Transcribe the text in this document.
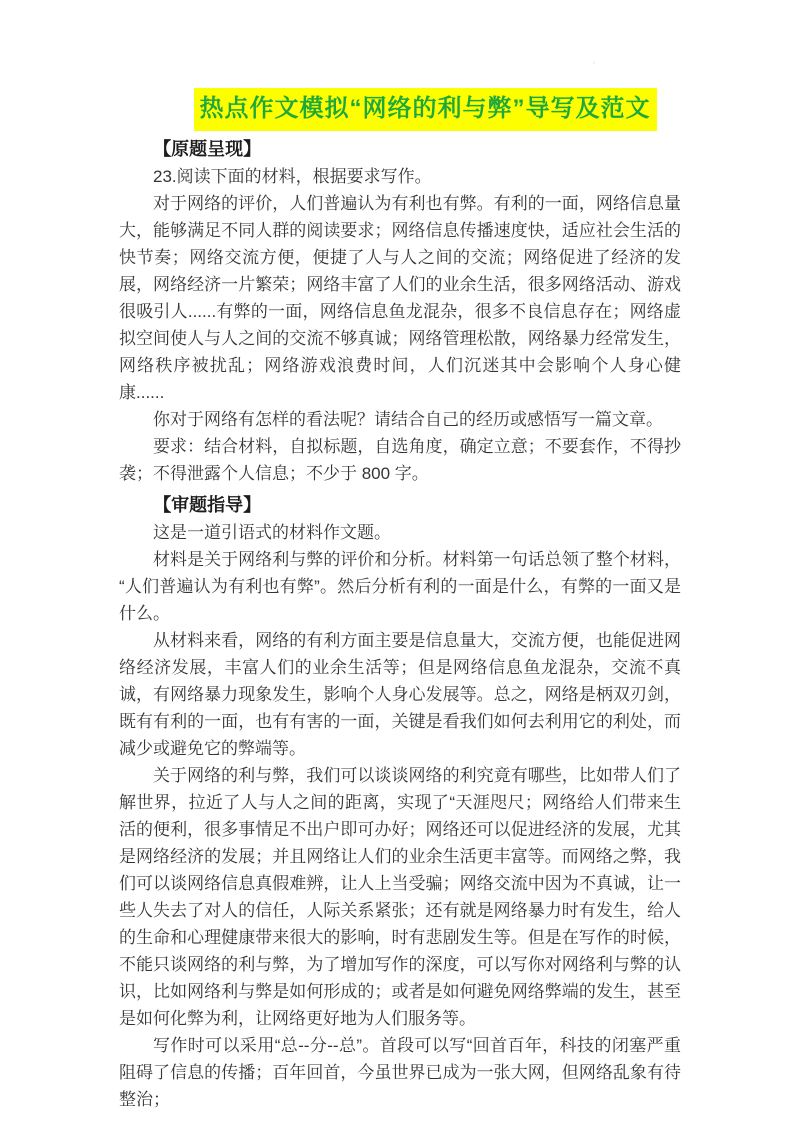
·
热点作文模拟“网络的利与弊”导写及范文
【原题呈现】

23.阅读下面的材料，根据要求写作。

对于网络的评价，人们普遍认为有利也有弊。有利的一面，网络信息量大，能够满足不同人群的阅读要求；网络信息传播速度快，适应社会生活的快节奏；网络交流方便，便捷了人与人之间的交流；网络促进了经济的发展，网络经济一片繁荣；网络丰富了人们的业余生活，很多网络活动、游戏很吸引人......有弊的一面，网络信息鱼龙混杂，很多不良信息存在；网络虚拟空间使人与人之间的交流不够真诚；网络管理松散，网络暴力经常发生，网络秩序被扰乱；网络游戏浪费时间，人们沉迷其中会影响个人身心健康......

你对于网络有怎样的看法呢？请结合自己的经历或感悟写一篇文章。

要求：结合材料，自拟标题，自选角度，确定立意；不要套作，不得抄袭；不得泄露个人信息；不少于 800 字。

【审题指导】

这是一道引语式的材料作文题。

材料是关于网络利与弊的评价和分析。材料第一句话总领了整个材料，“人们普遍认为有利也有弊”。然后分析有利的一面是什么，有弊的一面又是什么。

从材料来看，网络的有利方面主要是信息量大，交流方便，也能促进网络经济发展，丰富人们的业余生活等；但是网络信息鱼龙混杂，交流不真诚，有网络暴力现象发生，影响个人身心发展等。总之，网络是柄双刃剑，既有有利的一面，也有有害的一面，关键是看我们如何去利用它的利处，而减少或避免它的弊端等。

关于网络的利与弊，我们可以谈谈网络的利究竟有哪些，比如带人们了解世界，拉近了人与人之间的距离，实现了“天涯咫尺；网络给人们带来生活的便利，很多事情足不出户即可办好；网络还可以促进经济的发展，尤其是网络经济的发展；并且网络让人们的业余生活更丰富等。而网络之弊，我们可以谈网络信息真假难辨，让人上当受骗；网络交流中因为不真诚，让一些人失去了对人的信任，人际关系紧张；还有就是网络暴力时有发生，给人的生命和心理健康带来很大的影响，时有悲剧发生等。但是在写作的时候，不能只谈网络的利与弊，为了增加写作的深度，可以写你对网络利与弊的认识，比如网络利与弊是如何形成的；或者是如何避免网络弊端的发生，甚至是如何化弊为利，让网络更好地为人们服务等。

写作时可以采用“总--分--总”。首段可以写“回首百年，科技的闭塞严重阻碍了信息的传播；百年回首，今虽世界已成为一张大网，但网络乱象有待整治；
